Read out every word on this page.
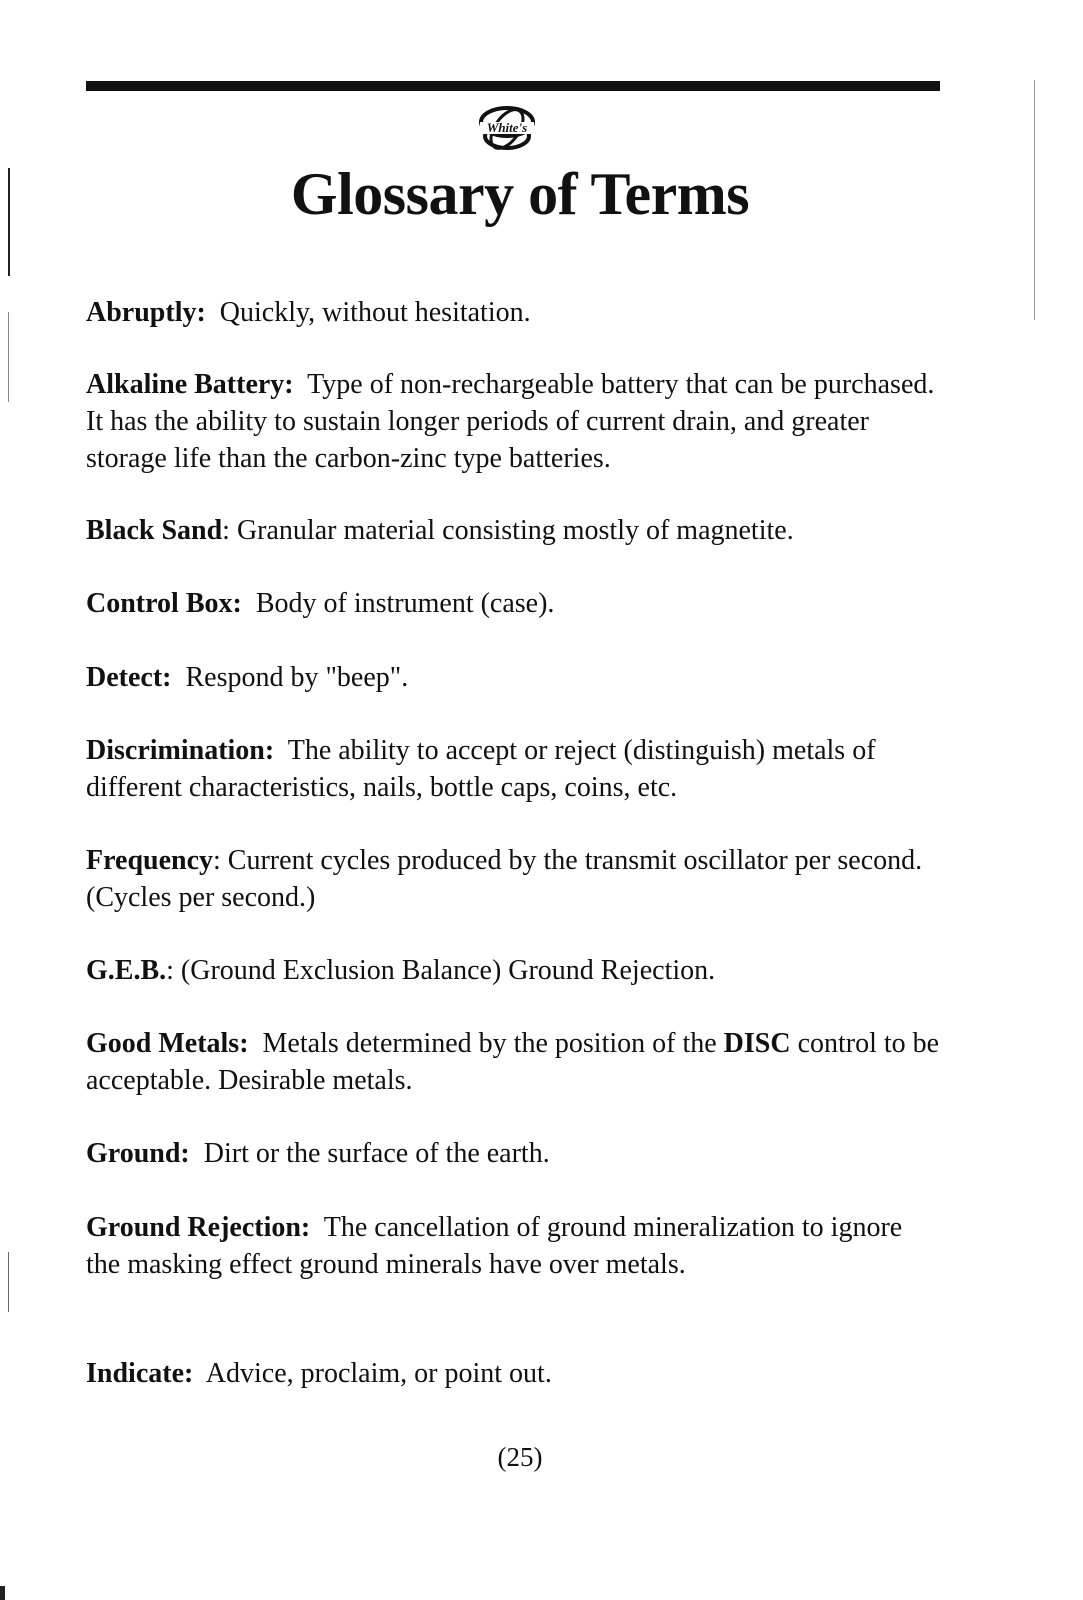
White's
Glossary of Terms

Abruptly: Quickly, without hesitation.

Alkaline Battery: Type of non-rechargeable battery that can be purchased. It has the ability to sustain longer periods of current drain, and greater storage life than the carbon-zinc type batteries.

Black Sand: Granular material consisting mostly of magnetite.

Control Box: Body of instrument (case).

Detect: Respond by "beep".

Discrimination: The ability to accept or reject (distinguish) metals of different characteristics, nails, bottle caps, coins, etc.

Frequency: Current cycles produced by the transmit oscillator per second. (Cycles per second.)

G.E.B.: (Ground Exclusion Balance) Ground Rejection.

Good Metals: Metals determined by the position of the DISC control to be acceptable. Desirable metals.

Ground: Dirt or the surface of the earth.

Ground Rejection: The cancellation of ground mineralization to ignore the masking effect ground minerals have over metals.

Indicate: Advice, proclaim, or point out.

(25)
